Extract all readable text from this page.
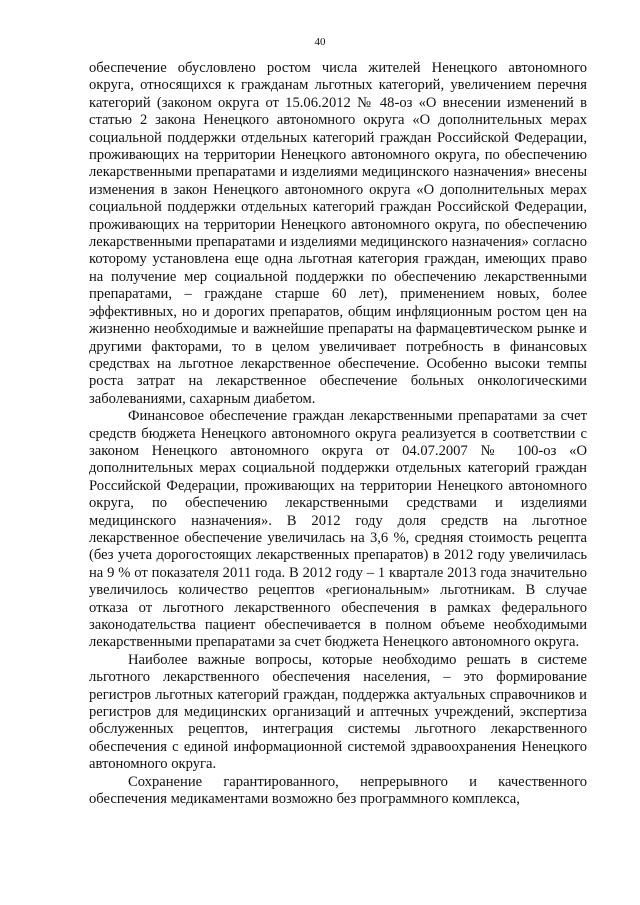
40

обеспечение обусловлено ростом числа жителей Ненецкого автономного округа, относящихся к гражданам льготных категорий, увеличением перечня категорий (законом округа от 15.06.2012 № 48-оз «О внесении изменений в статью 2 закона Ненецкого автономного округа «О дополнительных мерах социальной поддержки отдельных категорий граждан Российской Федерации, проживающих на территории Ненецкого автономного округа, по обеспечению лекарственными препаратами и изделиями медицинского назначения» внесены изменения в закон Ненецкого автономного округа «О дополнительных мерах социальной поддержки отдельных категорий граждан Российской Федерации, проживающих на территории Ненецкого автономного округа, по обеспечению лекарственными препаратами и изделиями медицинского назначения» согласно которому установлена еще одна льготная категория граждан, имеющих право на получение мер социальной поддержки по обеспечению лекарственными препаратами, – граждане старше 60 лет), применением новых, более эффективных, но и дорогих препаратов, общим инфляционным ростом цен на жизненно необходимые и важнейшие препараты на фармацевтическом рынке и другими факторами, то в целом увеличивает потребность в финансовых средствах на льготное лекарственное обеспечение. Особенно высоки темпы роста затрат на лекарственное обеспечение больных онкологическими заболеваниями, сахарным диабетом.

Финансовое обеспечение граждан лекарственными препаратами за счет средств бюджета Ненецкого автономного округа реализуется в соответствии с законом Ненецкого автономного округа от 04.07.2007 № 100-оз «О дополнительных мерах социальной поддержки отдельных категорий граждан Российской Федерации, проживающих на территории Ненецкого автономного округа, по обеспечению лекарственными средствами и изделиями медицинского назначения». В 2012 году доля средств на льготное лекарственное обеспечение увеличилась на 3,6 %, средняя стоимость рецепта (без учета дорогостоящих лекарственных препаратов) в 2012 году увеличилась на 9 % от показателя 2011 года. В 2012 году – 1 квартале 2013 года значительно увеличилось количество рецептов «региональным» льготникам. В случае отказа от льготного лекарственного обеспечения в рамках федерального законодательства пациент обеспечивается в полном объеме необходимыми лекарственными препаратами за счет бюджета Ненецкого автономного округа.

Наиболее важные вопросы, которые необходимо решать в системе льготного лекарственного обеспечения населения, – это формирование регистров льготных категорий граждан, поддержка актуальных справочников и регистров для медицинских организаций и аптечных учреждений, экспертиза обслуженных рецептов, интеграция системы льготного лекарственного обеспечения с единой информационной системой здравоохранения Ненецкого автономного округа.

Сохранение гарантированного, непрерывного и качественного обеспечения медикаментами возможно без программного комплекса,
